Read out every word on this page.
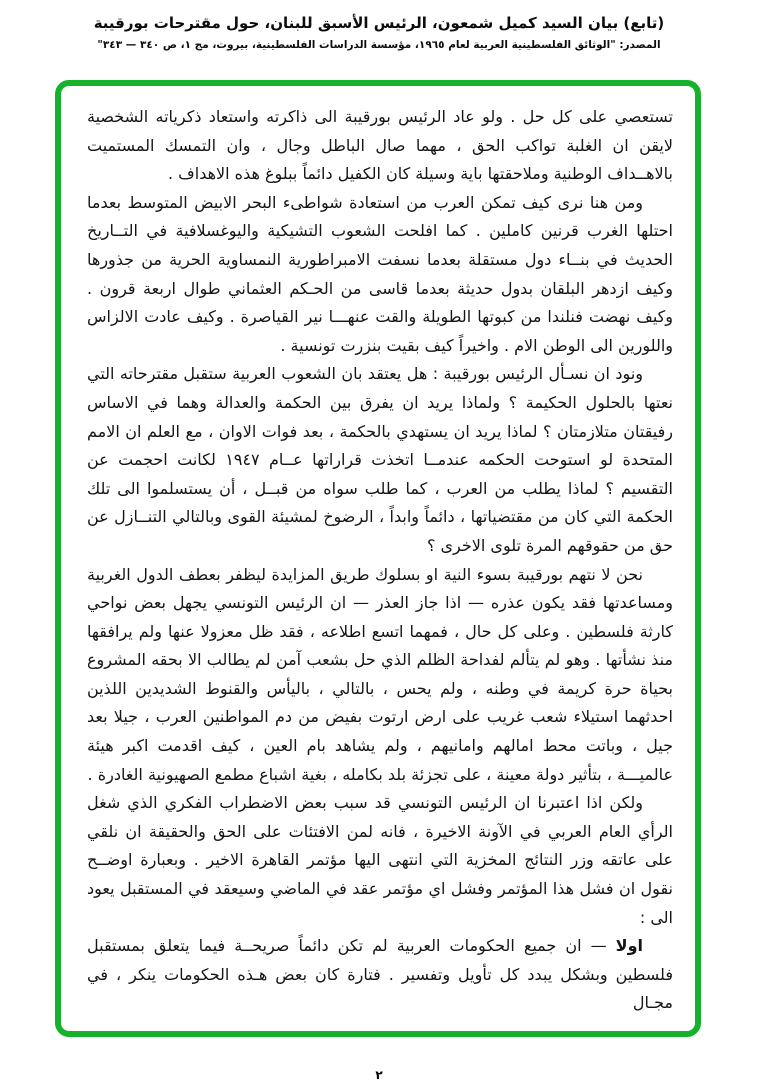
(تابع) بيان السيد كميل شمعون، الرئيس الأسبق للبنان، حول مقترحات بورقيبة
المصدر: "الوثائق الفلسطينية العربية لعام ١٩٦٥، مؤسسة الدراسات الفلسطينية، بيروت، مج ١، ص ٣٤٠ — ٣٤٣"

تستعصي على كل حل . ولو عاد الرئيس بورقيبة الى ذاكرته واستعاد ذكرياته الشخصية لايقن ان الغلبة تواكب الحق ، مهما صال الباطل وجال ، وان التمسك المستميت بالاهــداف الوطنية وملاحقتها باية وسيلة كان الكفيل دائماً ببلوغ هذه الاهداف .

ومن هنا نرى كيف تمكن العرب من استعادة شواطىء البحر الابيض المتوسط بعدما احتلها الغرب قرنين كاملين . كما افلحت الشعوب التشيكية واليوغسلافية في التــاريخ الحديث في بنــاء دول مستقلة بعدما نسفت الامبراطورية النمساوية الحرية من جذورها وكيف ازدهر البلقان بدول حديثة بعدما قاسى من الحـكم العثماني طوال اربعة قرون . وكيف نهضت فنلندا من كبوتها الطويلة والقت عنهـــا نير القياصرة . وكيف عادت الالزاس واللورين الى الوطن الام . واخيراً كيف بقيت بنزرت تونسية .

ونود ان نسـأل الرئيس بورقيبة : هل يعتقد بان الشعوب العربية ستقبل مقترحاته التي نعتها بالحلول الحكيمة ؟ ولماذا يريد ان يفرق بين الحكمة والعدالة وهما في الاساس رفيقتان متلازمتان ؟ لماذا يريد ان يستهدي بالحكمة ، بعد فوات الاوان ، مع العلم ان الامم المتحدة لو استوحت الحكمه عندمــا اتخذت قراراتها عــام ١٩٤٧ لكانت احجمت عن التقسيم ؟ لماذا يطلب من العرب ، كما طلب سواه من قبــل ، أن يستسلموا الى تلك الحكمة التي كان من مقتضياتها ، دائماً وابداً ، الرضوخ لمشيئة القوى وبالتالي التنــازل عن حق من حقوقهم المرة تلوى الاخرى ؟

نحن لا نتهم بورقيبة بسوء النية او بسلوك طريق المزايدة ليظفر بعطف الدول الغربية ومساعدتها فقد يكون عذره — اذا جاز العذر — ان الرئيس التونسي يجهل بعض نواحي كارثة فلسطين . وعلى كل حال ، فمهما اتسع اطلاعه ، فقد ظل معزولا عنها ولم يرافقها منذ نشأتها . وهو لم يتألم لفداحة الظلم الذي حل بشعب آمن لم يطالب الا بحقه المشروع بحياة حرة كريمة في وطنه ، ولم يحس ، بالتالي ، باليأس والقنوط الشديدين اللذين احدثهما استيلاء شعب غريب على ارض ارتوت بفيض من دم المواطنين العرب ، جيلا بعد جيل ، وباتت محط امالهم وامانيهم ، ولم يشاهد بام العين ، كيف اقدمت اكبر هيئة عالميـــة ، بتأثير دولة معينة ، على تجزئة بلد بكامله ، بغية اشباع مطمع الصهيونية الغادرة .

ولكن اذا اعتبرنا ان الرئيس التونسي قد سبب بعض الاضطراب الفكري الذي شغل الرأي العام العربي في الآونة الاخيرة ، فانه لمن الافتئات على الحق والحقيقة ان نلقي على عاتقه وزر النتائج المخزية التي انتهى اليها مؤتمر القاهرة الاخير . وبعبارة اوضــح نقول ان فشل هذا المؤتمر وفشل اي مؤتمر عقد في الماضي وسيعقد في المستقبل يعود الى :

اولا — ان جميع الحكومات العربية لم تكن دائماً صريحــة فيما يتعلق بمستقبل فلسطين وبشكل يبدد كل تأويل وتفسير . فتارة كان بعض هـذه الحكومات ينكر ، في مجـال

٢
